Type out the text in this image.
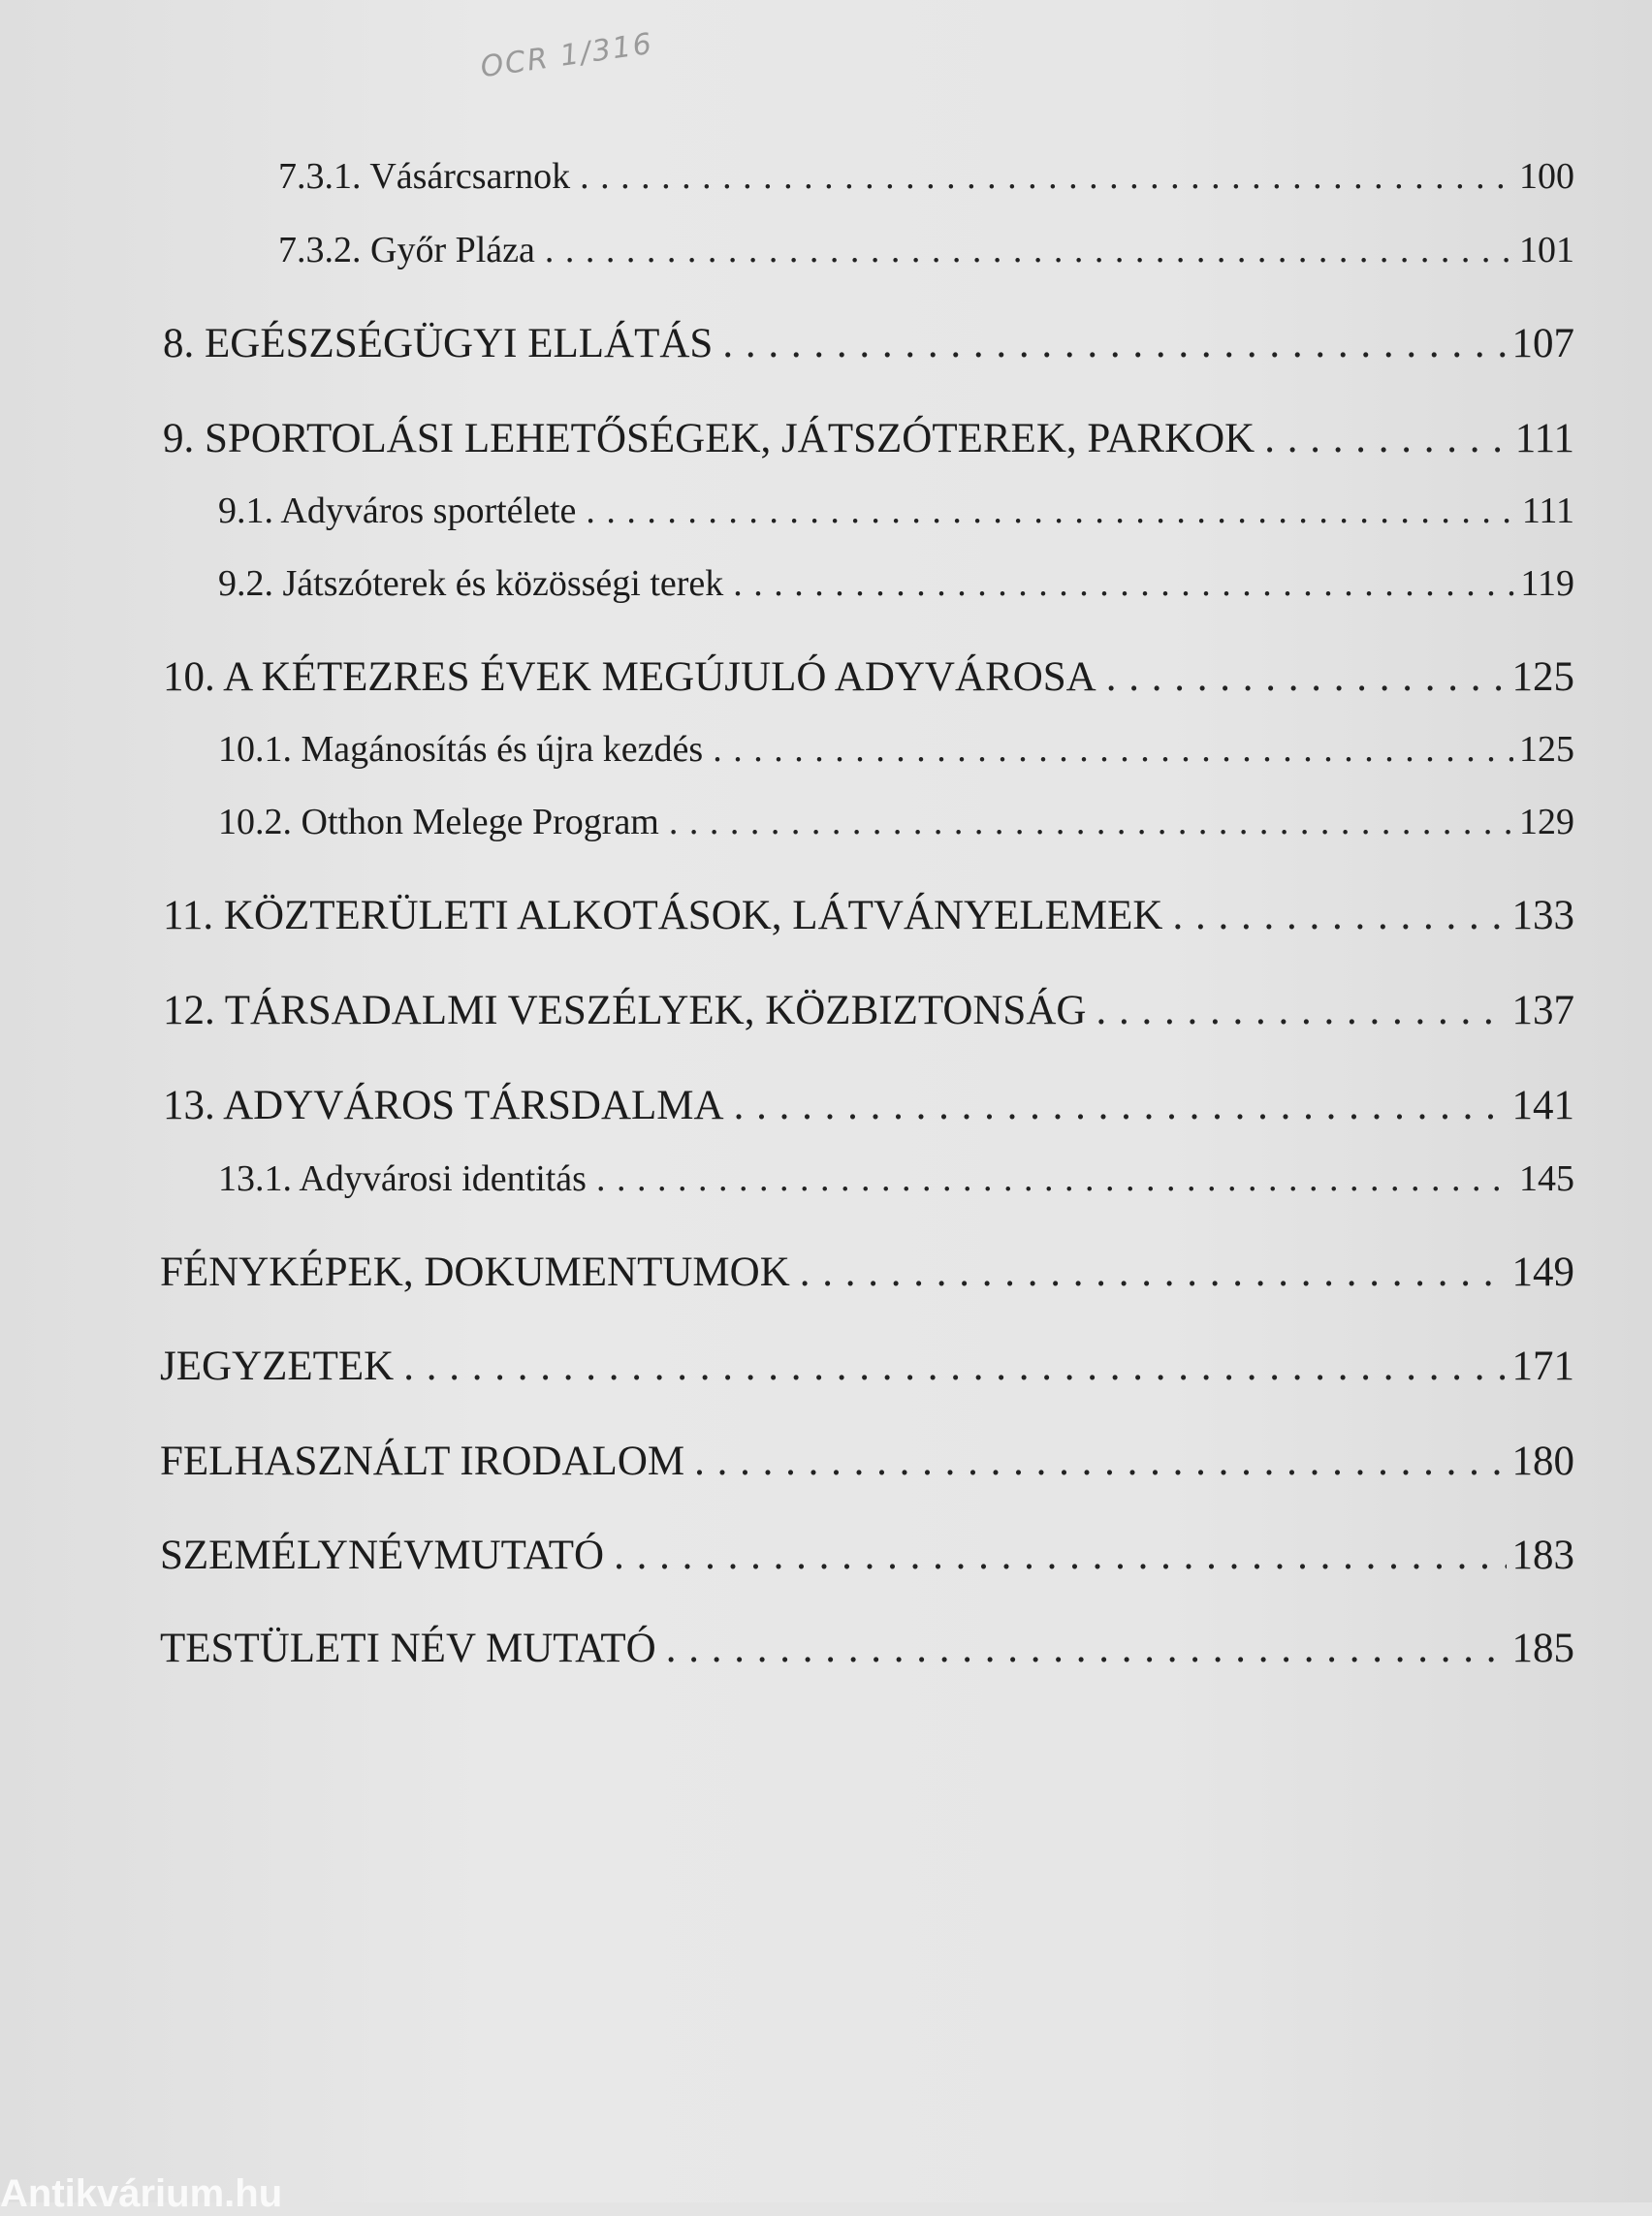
OCR 1/316
7.3.1. Vásárcsarnok . . .	100
7.3.2. Győr Pláza . . .	101
8. EGÉSZSÉGÜGYI ELLÁTÁS . . .	107
9. SPORTOLÁSI LEHETŐSÉGEK, JÁTSZÓTEREK, PARKOK . . .	111
9.1. Adyváros sportélete . . .	111
9.2. Játszóterek és közösségi terek . . .	119
10. A KÉTEZRES ÉVEK MEGÚJULÓ ADYVÁROSA . . .	125
10.1. Magánosítás és újra kezdés . . .	125
10.2. Otthon Melege Program . . .	129
11. KÖZTERÜLETI ALKOTÁSOK, LÁTVÁNYELEMEK . . .	133
12. TÁRSADALMI VESZÉLYEK, KÖZBIZTONSÁG . . .	137
13. ADYVÁROS TÁRSDALMA . . .	141
13.1. Adyvárosi identitás . . .	145
FÉNYKÉPEK, DOKUMENTUMOK . . .	149
JEGYZETEK . . .	171
FELHASZNÁLT IRODALOM . . .	180
SZEMÉLYNÉVMUTATÓ . . .	183
TESTÜLETI NÉV MUTATÓ . . .	185
Antikvárium.hu
